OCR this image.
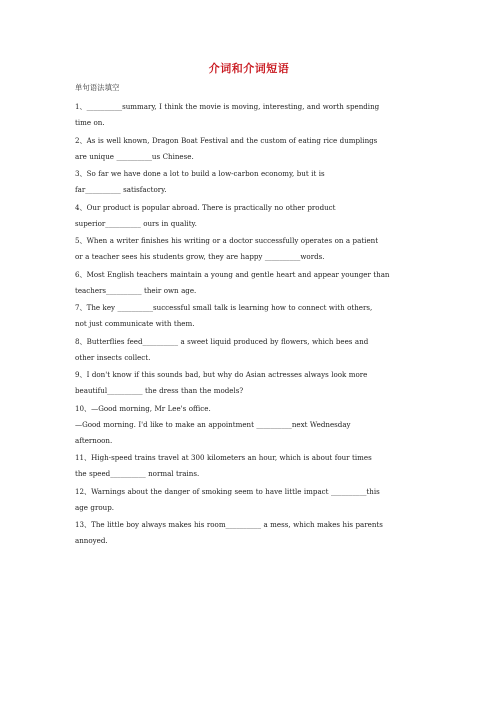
介词和介词短语
单句语法填空
1、__________summary, I think the movie is moving, interesting, and worth spending
time on.
2、As is well known, Dragon Boat Festival and the custom of eating rice dumplings
are unique __________us Chinese.
3、So far we have done a lot to build a low-carbon economy, but it is
far__________ satisfactory.
4、Our product is popular abroad. There is practically no other product
superior__________ ours in quality.
5、When a writer finishes his writing or a doctor successfully operates on a patient
or a teacher sees his students grow, they are happy __________words.
6、Most English teachers maintain a young and gentle heart and appear younger than
teachers__________ their own age.
7、The key __________successful small talk is learning how to connect with others,
not just communicate with them.
8、Butterflies feed__________ a sweet liquid produced by flowers, which bees and
other insects collect.
9、I don't know if this sounds bad, but why do Asian actresses always look more
beautiful__________ the dress than the models?
10、—Good morning, Mr Lee's office.
—Good morning. I'd like to make an appointment __________next Wednesday
afternoon.
11、High-speed trains travel at 300 kilometers an hour, which is about four times
the speed__________ normal trains.
12、Warnings about the danger of smoking seem to have little impact __________this
age group.
13、The little boy always makes his room__________ a mess, which makes his parents
annoyed.
